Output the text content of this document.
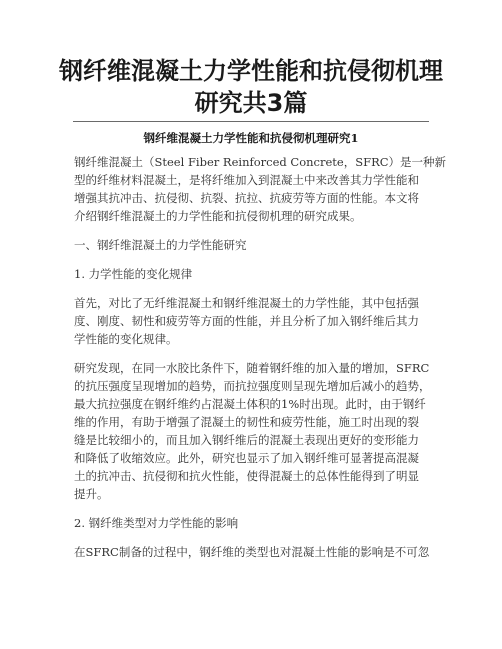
钢纤维混凝土力学性能和抗侵彻机理
研究共3篇
钢纤维混凝土力学性能和抗侵彻机理研究1

钢纤维混凝土（Steel Fiber Reinforced Concrete，SFRC）是一种新

型的纤维材料混凝土，是将纤维加入到混凝土中来改善其力学性能和

增强其抗冲击、抗侵彻、抗裂、抗拉、抗疲劳等方面的性能。本文将

介绍钢纤维混凝土的力学性能和抗侵彻机理的研究成果。

一、钢纤维混凝土的力学性能研究

1. 力学性能的变化规律

首先，对比了无纤维混凝土和钢纤维混凝土的力学性能，其中包括强

度、刚度、韧性和疲劳等方面的性能，并且分析了加入钢纤维后其力

学性能的变化规律。

研究发现，在同一水胶比条件下，随着钢纤维的加入量的增加，SFRC

的抗压强度呈现增加的趋势，而抗拉强度则呈现先增加后减小的趋势，

最大抗拉强度在钢纤维约占混凝土体积的1%时出现。此时，由于钢纤

维的作用，有助于增强了混凝土的韧性和疲劳性能，施工时出现的裂

缝是比较细小的，而且加入钢纤维后的混凝土表现出更好的变形能力

和降低了收缩效应。此外，研究也显示了加入钢纤维可显著提高混凝

土的抗冲击、抗侵彻和抗火性能，使得混凝土的总体性能得到了明显

提升。

2. 钢纤维类型对力学性能的影响

在SFRC制备的过程中，钢纤维的类型也对混凝土性能的影响是不可忽
